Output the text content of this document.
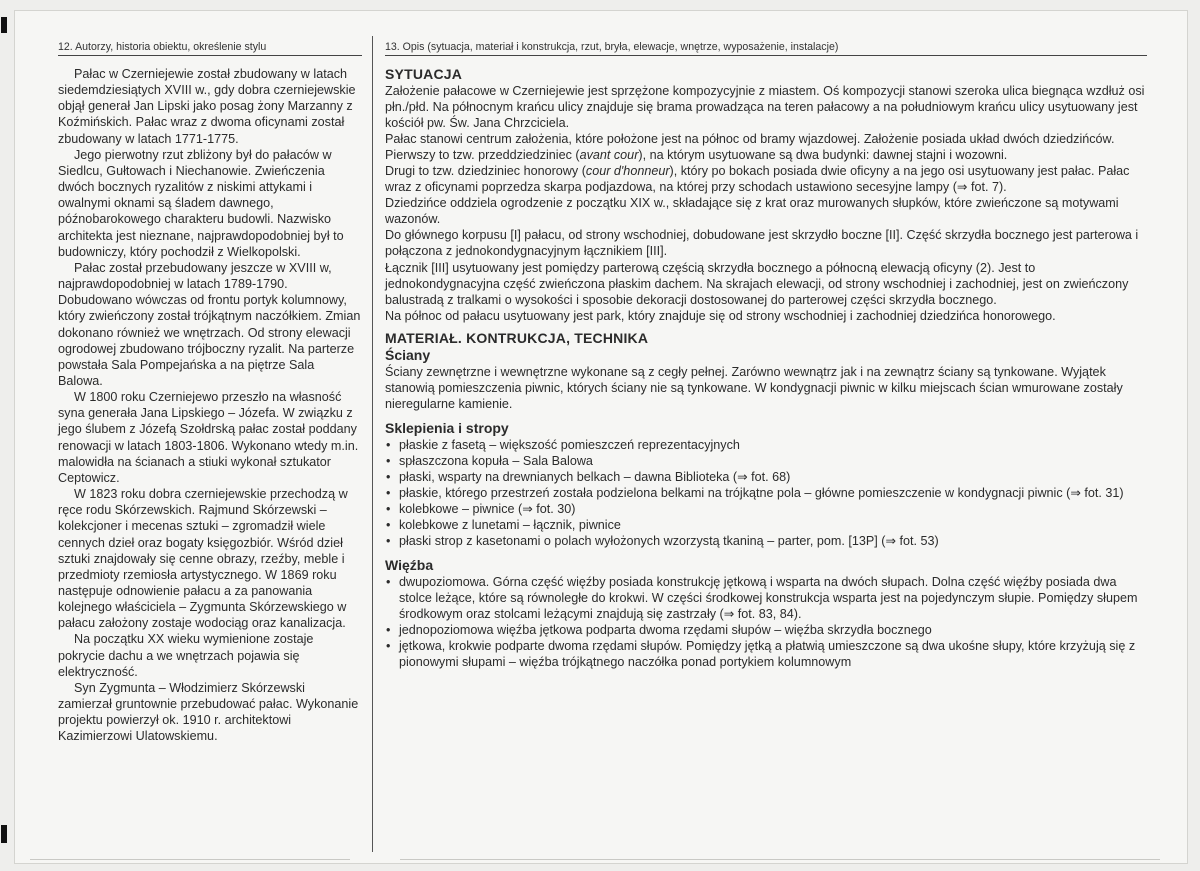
12. Autorzy, historia obiektu, określenie stylu

Pałac w Czerniejewie został zbudowany w latach siedemdziesiątych XVIII w., gdy dobra czerniejewskie objął generał Jan Lipski jako posag żony Marzanny z Koźmińskich. Pałac wraz z dwoma oficynami został zbudowany w latach 1771-1775.

Jego pierwotny rzut zbliżony był do pałaców w Siedlcu, Gułtowach i Niechanowie. Zwieńczenia dwóch bocznych ryzalitów z niskimi attykami i owalnymi oknami są śladem dawnego, późnobarokowego charakteru budowli. Nazwisko architekta jest nieznane, najprawdopodobniej był to budowniczy, który pochodził z Wielkopolski.

Pałac został przebudowany jeszcze w XVIII w, najprawdopodobniej w latach 1789-1790. Dobudowano wówczas od frontu portyk kolumnowy, który zwieńczony został trójkątnym naczółkiem. Zmian dokonano również we wnętrzach. Od strony elewacji ogrodowej zbudowano trójboczny ryzalit. Na parterze powstała Sala Pompejańska a na piętrze Sala Balowa.

W 1800 roku Czerniejewo przeszło na własność syna generała Jana Lipskiego – Józefa. W związku z jego ślubem z Józefą Szołdrską pałac został poddany renowacji w latach 1803-1806. Wykonano wtedy m.in. malowidła na ścianach a stiuki wykonał sztukator Ceptowicz.

W 1823 roku dobra czerniejewskie przechodzą w ręce rodu Skórzewskich. Rajmund Skórzewski – kolekcjoner i mecenas sztuki – zgromadził wiele cennych dzieł oraz bogaty księgozbiór. Wśród dzieł sztuki znajdowały się cenne obrazy, rzeźby, meble i przedmioty rzemiosła artystycznego. W 1869 roku następuje odnowienie pałacu a za panowania kolejnego właściciela – Zygmunta Skórzewskiego w pałacu założony zostaje wodociąg oraz kanalizacja.

Na początku XX wieku wymienione zostaje pokrycie dachu a we wnętrzach pojawia się elektryczność.

Syn Zygmunta – Włodzimierz Skórzewski zamierzał gruntownie przebudować pałac. Wykonanie projektu powierzył ok. 1910 r. architektowi Kazimierzowi Ulatowskiemu.

13. Opis (sytuacja, materiał i konstrukcja, rzut, bryła, elewacje, wnętrze, wyposażenie, instalacje)
SYTUACJA

Założenie pałacowe w Czerniejewie jest sprzężone kompozycyjnie z miastem. Oś kompozycji stanowi szeroka ulica biegnąca wzdłuż osi płn./płd. Na północnym krańcu ulicy znajduje się brama prowadząca na teren pałacowy a na południowym krańcu ulicy usytuowany jest kościół pw. Św. Jana Chrzciciela.

Pałac stanowi centrum założenia, które położone jest na północ od bramy wjazdowej. Założenie posiada układ dwóch dziedzińców.

Pierwszy to tzw. przeddziedziniec (avant cour), na którym usytuowane są dwa budynki: dawnej stajni i wozowni.

Drugi to tzw. dziedziniec honorowy (cour d'honneur), który po bokach posiada dwie oficyny a na jego osi usytuowany jest pałac. Pałac wraz z oficynami poprzedza skarpa podjazdowa, na której przy schodach ustawiono secesyjne lampy (⇒ fot. 7).

Dziedzińce oddziela ogrodzenie z początku XIX w., składające się z krat oraz murowanych słupków, które zwieńczone są motywami wazonów.

Do głównego korpusu [I] pałacu, od strony wschodniej, dobudowane jest skrzydło boczne [II]. Część skrzydła bocznego jest parterowa i połączona z jednokondygnacyjnym łącznikiem [III].

Łącznik [III] usytuowany jest pomiędzy parterową częścią skrzydła bocznego a północną elewacją oficyny (2). Jest to jednokondygnacyjna część zwieńczona płaskim dachem. Na skrajach elewacji, od strony wschodniej i zachodniej, jest on zwieńczony balustradą z tralkami o wysokości i sposobie dekoracji dostosowanej do parterowej części skrzydła bocznego.

Na północ od pałacu usytuowany jest park, który znajduje się od strony wschodniej i zachodniej dziedzińca honorowego.

MATERIAŁ. KONTRUKCJA, TECHNIKA
Ściany

Ściany zewnętrzne i wewnętrzne wykonane są z cegły pełnej. Zarówno wewnątrz jak i na zewnątrz ściany są tynkowane. Wyjątek stanowią pomieszczenia piwnic, których ściany nie są tynkowane. W kondygnacji piwnic w kilku miejscach ścian wmurowane zostały nieregularne kamienie.

Sklepienia i stropy
• płaskie z fasetą – większość pomieszczeń reprezentacyjnych
• spłaszczona kopuła – Sala Balowa
• płaski, wsparty na drewnianych belkach – dawna Biblioteka (⇒ fot. 68)
• płaskie, którego przestrzeń została podzielona belkami na trójkątne pola – główne pomieszczenie w kondygnacji piwnic (⇒ fot. 31)
• kolebkowe – piwnice (⇒ fot. 30)
• kolebkowe z lunetami – łącznik, piwnice
• płaski strop z kasetonami o polach wyłożonych wzorzystą tkaniną – parter, pom. [13P] (⇒ fot. 53)
Więźba
• dwupoziomowa. Górna część więźby posiada konstrukcję jętkową i wsparta na dwóch słupach. Dolna część więźby posiada dwa stolce leżące, które są równoległe do krokwi. W części środkowej konstrukcja wsparta jest na pojedynczym słupie. Pomiędzy słupem środkowym oraz stolcami leżącymi znajdują się zastrzały (⇒ fot. 83, 84).
• jednopoziomowa więźba jętkowa podparta dwoma rzędami słupów – więźba skrzydła bocznego
• jętkowa, krokwie podparte dwoma rzędami słupów. Pomiędzy jętką a płatwią umieszczone są dwa ukośne słupy, które krzyżują się z pionowymi słupami – więźba trójkątnego naczółka ponad portykiem kolumnowym
